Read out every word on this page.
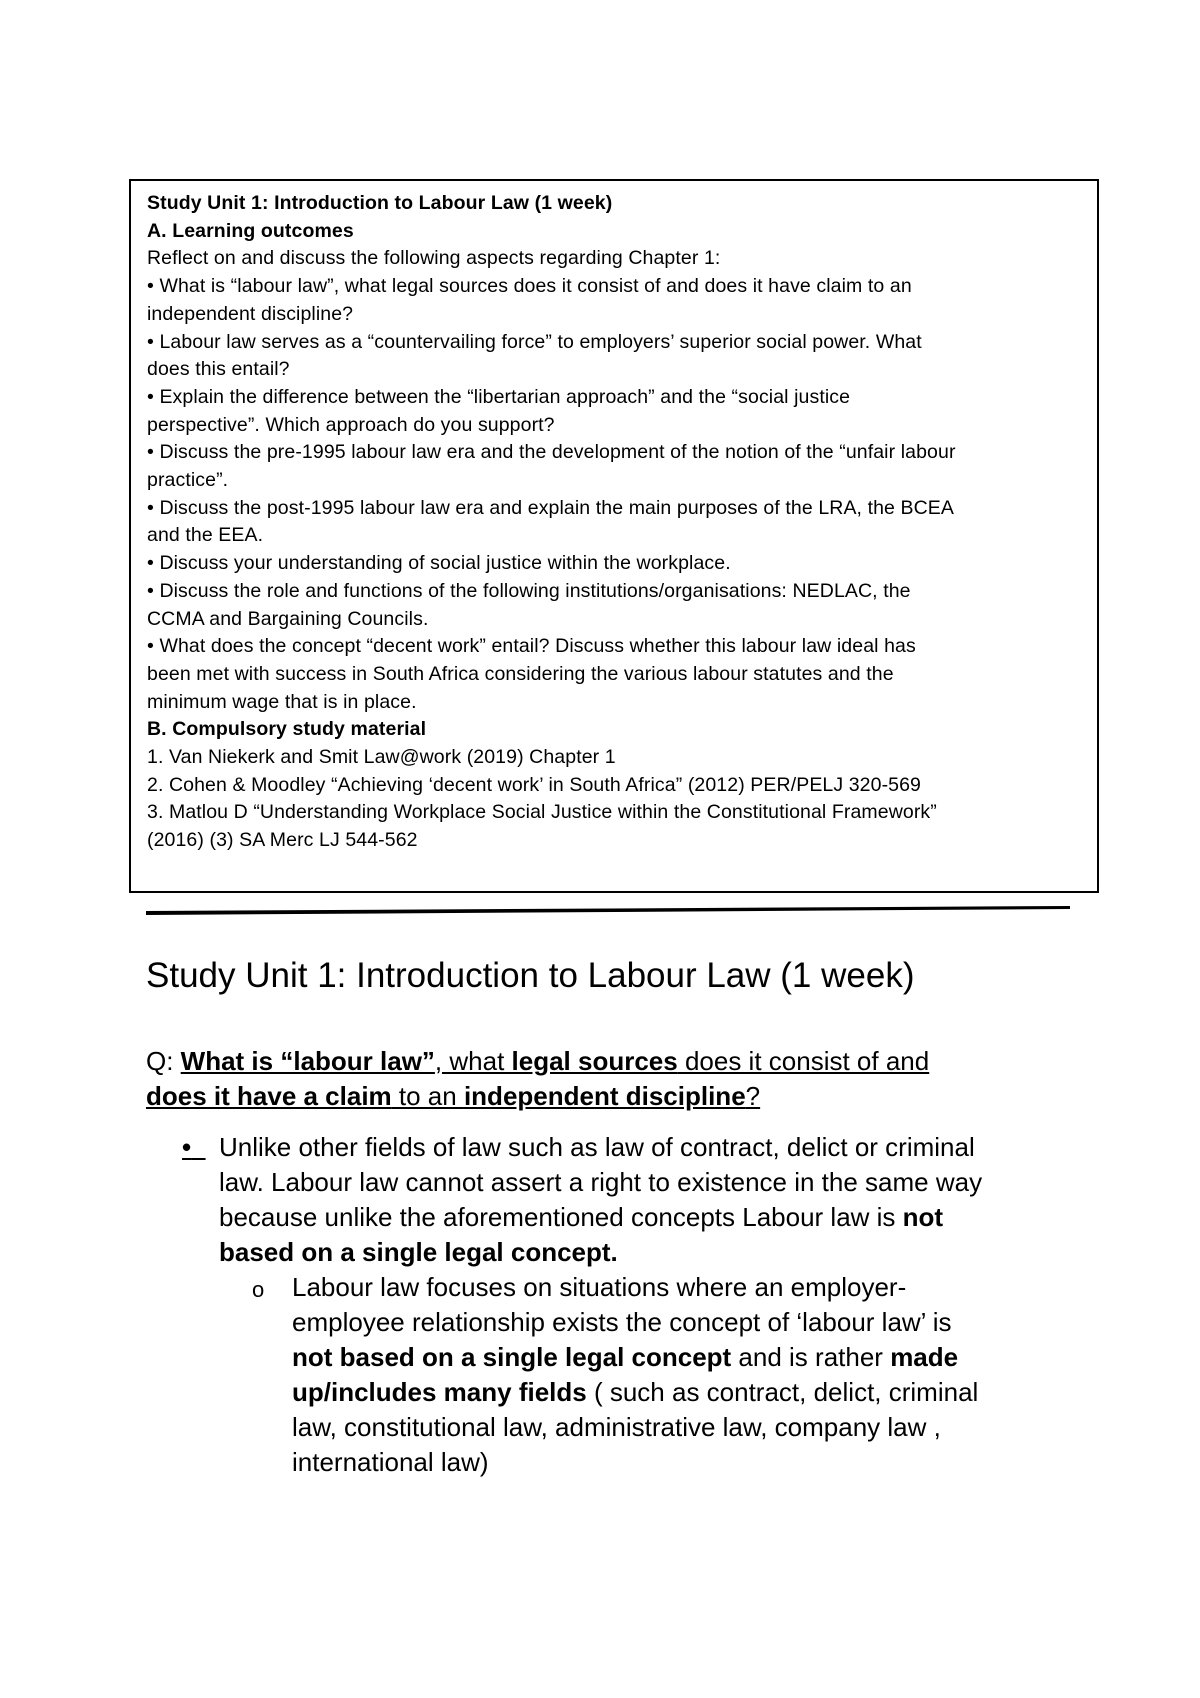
Study Unit 1: Introduction to Labour Law (1 week)
A. Learning outcomes
Reflect on and discuss the following aspects regarding Chapter 1:
• What is “labour law”, what legal sources does it consist of and does it have claim to an
independent discipline?
• Labour law serves as a “countervailing force” to employers’ superior social power. What
does this entail?
• Explain the difference between the “libertarian approach” and the “social justice
perspective”. Which approach do you support?
• Discuss the pre-1995 labour law era and the development of the notion of the “unfair labour
practice”.
• Discuss the post-1995 labour law era and explain the main purposes of the LRA, the BCEA
and the EEA.
• Discuss your understanding of social justice within the workplace.
• Discuss the role and functions of the following institutions/organisations: NEDLAC, the
CCMA and Bargaining Councils.
• What does the concept “decent work” entail? Discuss whether this labour law ideal has
been met with success in South Africa considering the various labour statutes and the
minimum wage that is in place.
B. Compulsory study material
1. Van Niekerk and Smit Law@work (2019) Chapter 1
2. Cohen & Moodley “Achieving ‘decent work’ in South Africa” (2012) PER/PELJ 320-569
3. Matlou D “Understanding Workplace Social Justice within the Constitutional Framework”
(2016) (3) SA Merc LJ 544-562
Study Unit 1: Introduction to Labour Law (1 week)
Q: What is “labour law”, what legal sources does it consist of and
does it have a claim to an independent discipline?
•	Unlike other fields of law such as law of contract, delict or criminal
law. Labour law cannot assert a right to existence in the same way
because unlike the aforementioned concepts Labour law is not
based on a single legal concept.
o Labour law focuses on situations where an employer-
employee relationship exists the concept of ‘labour law’ is
not based on a single legal concept and is rather made
up/includes many fields ( such as contract, delict, criminal
law, constitutional law, administrative law, company law ,
international law)
